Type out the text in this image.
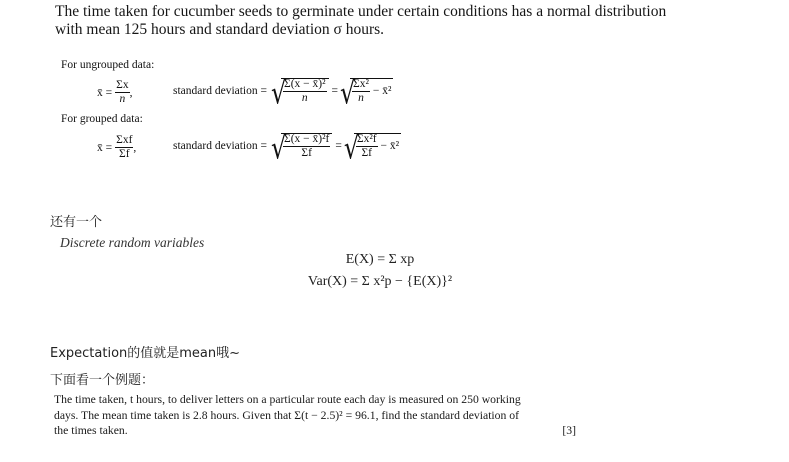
The time taken for cucumber seeds to germinate under certain conditions has a normal distribution
with mean 125 hours and standard deviation σ hours.
For ungrouped data:
x̄ = $\frac{\Sigma x}{n}$ ,	standard deviation = √ $\frac{\text{Σ(x − x̄)²}}{n}$ = √ $\frac{\text{Σx²}}{n}$ − x̄²
For grouped data:
x̄ = $\frac{\text{Σxf}}{\Sigma f}$ ,	standard deviation = √ $\frac{\text{Σ(x − x̄)²f}}{\Sigma f}$ = √ $\frac{\text{Σx²f}}{\Sigma f}$ − x̄²
还有一个
Discrete random variables
E(X) = Σ xp
Var(X) = Σ x²p − {E(X)}²
Expectation的值就是mean哦~
下面看一个例题：
The time taken, t hours, to deliver letters on a particular route each day is measured on 250 working
days. The mean time taken is 2.8 hours. Given that Σ(t − 2.5)² = 96.1, find the standard deviation of
the times taken.	[3]
